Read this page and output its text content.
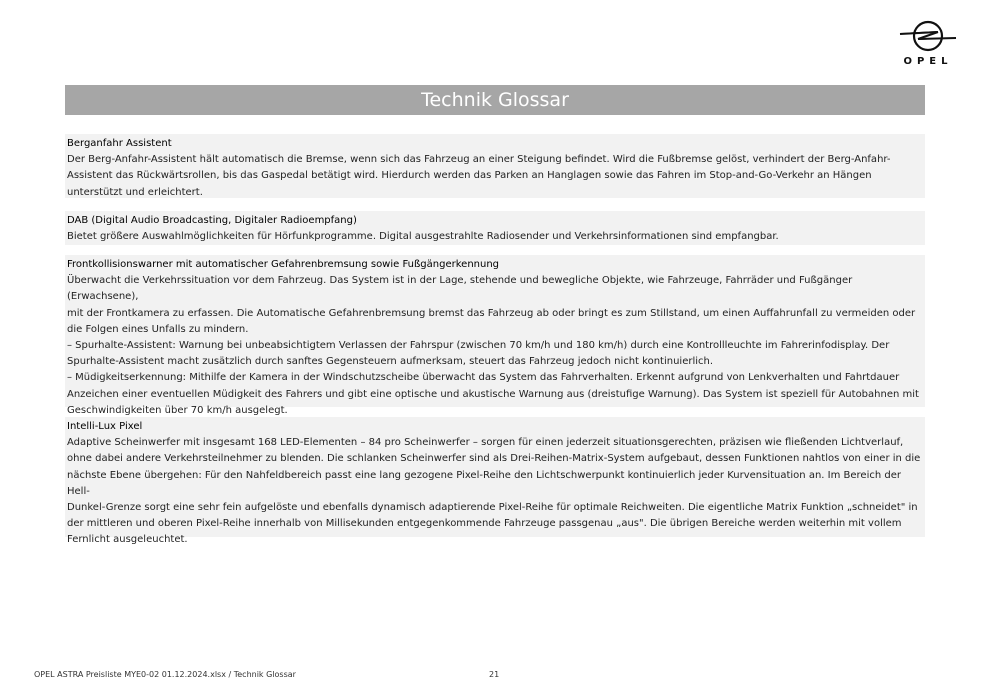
OPEL
Technik Glossar
Berganfahr Assistent
Der Berg-Anfahr-Assistent hält automatisch die Bremse, wenn sich das Fahrzeug an einer Steigung befindet. Wird die Fußbremse gelöst, verhindert der Berg-Anfahr-
Assistent das Rückwärtsrollen, bis das Gaspedal betätigt wird. Hierdurch werden das Parken an Hanglagen sowie das Fahren im Stop-and-Go-Verkehr an Hängen
unterstützt und erleichtert.
DAB (Digital Audio Broadcasting, Digitaler Radioempfang)
Bietet größere Auswahlmöglichkeiten für Hörfunkprogramme. Digital ausgestrahlte Radiosender und Verkehrsinformationen sind empfangbar.
Frontkollisionswarner mit automatischer Gefahrenbremsung sowie Fußgängerkennung
Überwacht die Verkehrssituation vor dem Fahrzeug. Das System ist in der Lage, stehende und bewegliche Objekte, wie Fahrzeuge, Fahrräder und Fußgänger (Erwachsene),
mit der Frontkamera zu erfassen. Die Automatische Gefahrenbremsung bremst das Fahrzeug ab oder bringt es zum Stillstand, um einen Auffahrunfall zu vermeiden oder
die Folgen eines Unfalls zu mindern.
– Spurhalte-Assistent: Warnung bei unbeabsichtigtem Verlassen der Fahrspur (zwischen 70 km/h und 180 km/h) durch eine Kontrollleuchte im Fahrerinfodisplay. Der
Spurhalte-Assistent macht zusätzlich durch sanftes Gegensteuern aufmerksam, steuert das Fahrzeug jedoch nicht kontinuierlich.
– Müdigkeitserkennung: Mithilfe der Kamera in der Windschutzscheibe überwacht das System das Fahrverhalten. Erkennt aufgrund von Lenkverhalten und Fahrtdauer
Anzeichen einer eventuellen Müdigkeit des Fahrers und gibt eine optische und akustische Warnung aus (dreistufige Warnung). Das System ist speziell für Autobahnen mit
Geschwindigkeiten über 70 km/h ausgelegt.
Intelli-Lux Pixel
Adaptive Scheinwerfer mit insgesamt 168 LED-Elementen – 84 pro Scheinwerfer – sorgen für einen jederzeit situationsgerechten, präzisen wie fließenden Lichtverlauf,
ohne dabei andere Verkehrsteilnehmer zu blenden. Die schlanken Scheinwerfer sind als Drei-Reihen-Matrix-System aufgebaut, dessen Funktionen nahtlos von einer in die
nächste Ebene übergehen: Für den Nahfeldbereich passt eine lang gezogene Pixel-Reihe den Lichtschwerpunkt kontinuierlich jeder Kurvensituation an. Im Bereich der Hell-
Dunkel-Grenze sorgt eine sehr fein aufgelöste und ebenfalls dynamisch adaptierende Pixel-Reihe für optimale Reichweiten. Die eigentliche Matrix Funktion „schneidet" in
der mittleren und oberen Pixel-Reihe innerhalb von Millisekunden entgegenkommende Fahrzeuge passgenau „aus". Die übrigen Bereiche werden weiterhin mit vollem
Fernlicht ausgeleuchtet.
OPEL ASTRA Preisliste MYE0-02 01.12.2024.xlsx / Technik Glossar	21
